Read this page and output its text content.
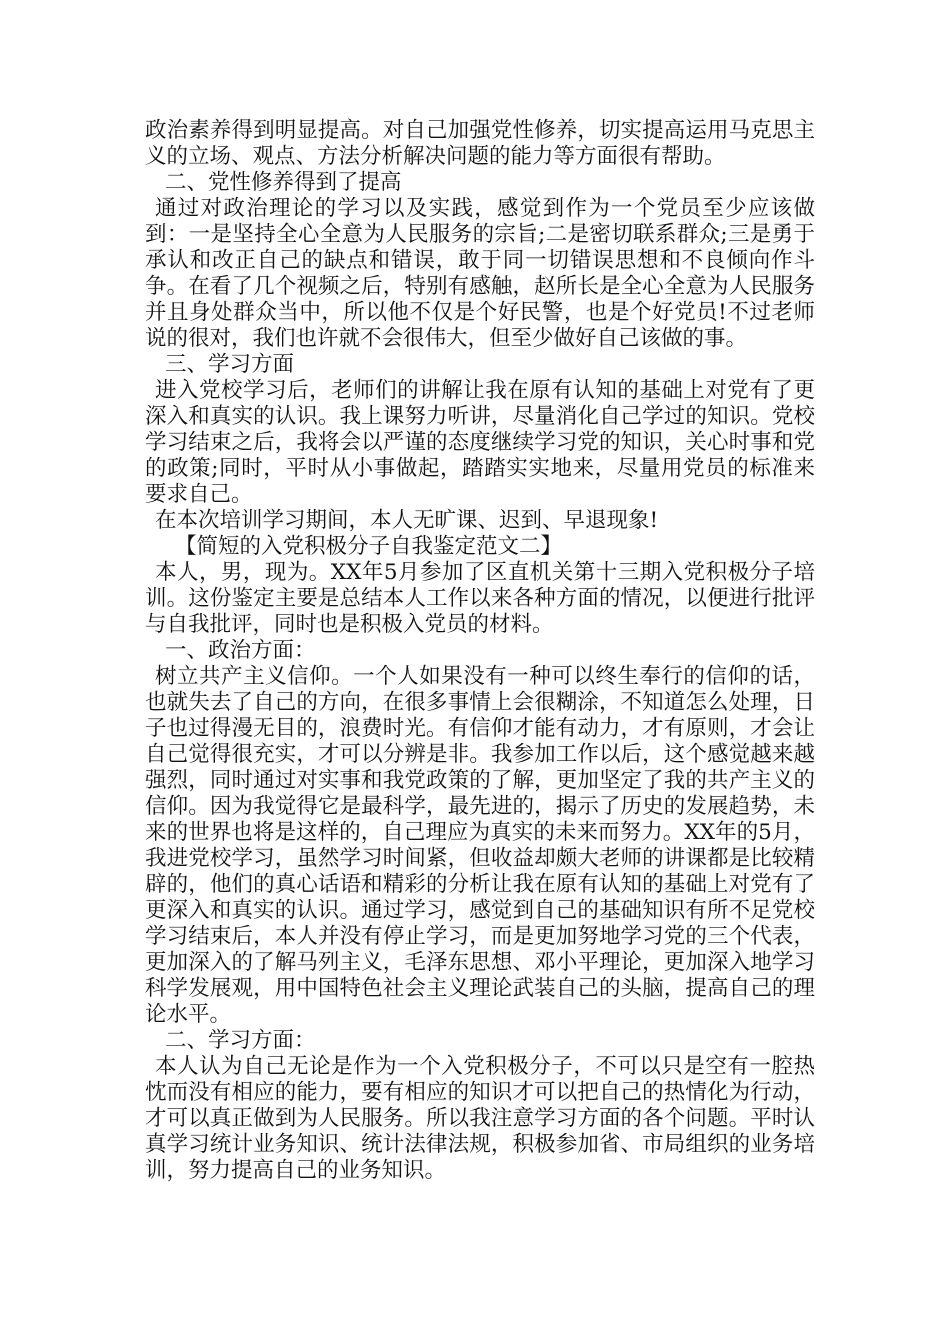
政治素养得到明显提高。对自己加强党性修养，切实提高运用马克思主义的立场、观点、方法分析解决问题的能力等方面很有帮助。

二、党性修养得到了提高

通过对政治理论的学习以及实践，感觉到作为一个党员至少应该做到：一是坚持全心全意为人民服务的宗旨;二是密切联系群众;三是勇于承认和改正自己的缺点和错误，敢于同一切错误思想和不良倾向作斗争。在看了几个视频之后，特别有感触，赵所长是全心全意为人民服务并且身处群众当中，所以他不仅是个好民警，也是个好党员!不过老师说的很对，我们也许就不会很伟大，但至少做好自己该做的事。

三、学习方面

进入党校学习后，老师们的讲解让我在原有认知的基础上对党有了更深入和真实的认识。我上课努力听讲，尽量消化自己学过的知识。党校学习结束之后，我将会以严谨的态度继续学习党的知识，关心时事和党的政策;同时，平时从小事做起，踏踏实实地来，尽量用党员的标准来要求自己。

在本次培训学习期间，本人无旷课、迟到、早退现象!

【简短的入党积极分子自我鉴定范文二】

本人，男，现为。XX年5月参加了区直机关第十三期入党积极分子培训。这份鉴定主要是总结本人工作以来各种方面的情况，以便进行批评与自我批评，同时也是积极入党员的材料。

一、政治方面：

树立共产主义信仰。一个人如果没有一种可以终生奉行的信仰的话，也就失去了自己的方向，在很多事情上会很糊涂，不知道怎么处理，日子也过得漫无目的，浪费时光。有信仰才能有动力，才有原则，才会让自己觉得很充实，才可以分辨是非。我参加工作以后，这个感觉越来越强烈，同时通过对实事和我党政策的了解，更加坚定了我的共产主义的信仰。因为我觉得它是最科学，最先进的，揭示了历史的发展趋势，未来的世界也将是这样的，自己理应为真实的未来而努力。XX年的5月，我进党校学习，虽然学习时间紧，但收益却颇大老师的讲课都是比较精辟的，他们的真心话语和精彩的分析让我在原有认知的基础上对党有了更深入和真实的认识。通过学习，感觉到自己的基础知识有所不足党校学习结束后，本人并没有停止学习，而是更加努地学习党的三个代表，更加深入的了解马列主义，毛泽东思想、邓小平理论，更加深入地学习科学发展观，用中国特色社会主义理论武装自己的头脑，提高自己的理论水平。

二、学习方面：

本人认为自己无论是作为一个入党积极分子，不可以只是空有一腔热忱而没有相应的能力，要有相应的知识才可以把自己的热情化为行动，才可以真正做到为人民服务。所以我注意学习方面的各个问题。平时认真学习统计业务知识、统计法律法规，积极参加省、市局组织的业务培训，努力提高自己的业务知识。
